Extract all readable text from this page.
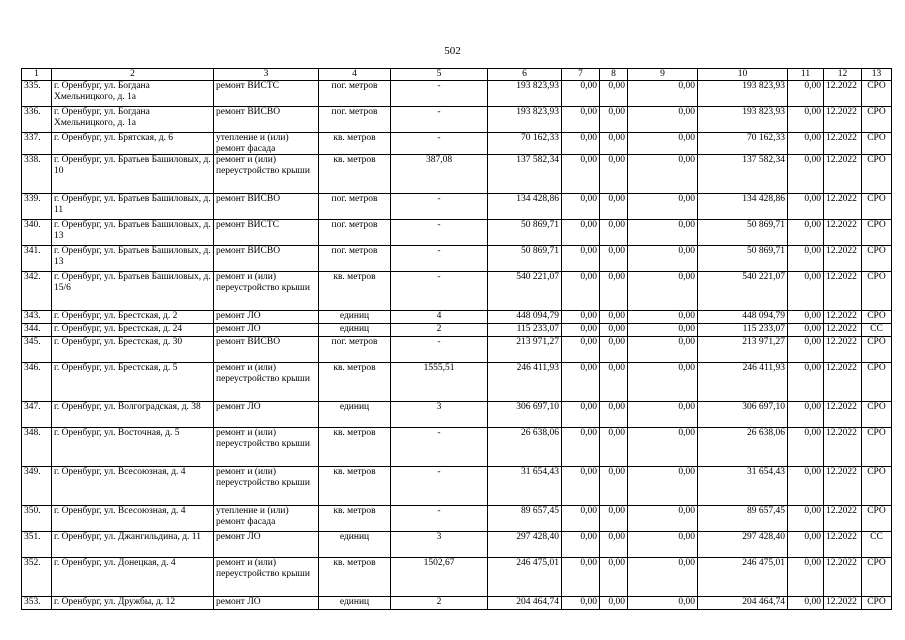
502
1	2	3	4	5	6	7	8	9	10	11	12	13
335.	г. Оренбург, ул. Богдана Хмельницкого, д. 1а	ремонт ВИСТС	пог. метров	-	193 823,93	0,00	0,00	0,00	193 823,93	0,00	12.2022	СРО
336.	г. Оренбург, ул. Богдана Хмельницкого, д. 1а	ремонт ВИСВО	пог. метров	-	193 823,93	0,00	0,00	0,00	193 823,93	0,00	12.2022	СРО
337.	г. Оренбург, ул. Брятская, д. 6	утепление и (или) ремонт фасада	кв. метров	-	70 162,33	0,00	0,00	0,00	70 162,33	0,00	12.2022	СРО
338.	г. Оренбург, ул. Братьев Башиловых, д. 10	ремонт и (или) переустройство крыши	кв. метров	387,08	137 582,34	0,00	0,00	0,00	137 582,34	0,00	12.2022	СРО
339.	г. Оренбург, ул. Братьев Башиловых, д. 11	ремонт ВИСВО	пог. метров	-	134 428,86	0,00	0,00	0,00	134 428,86	0,00	12.2022	СРО
340.	г. Оренбург, ул. Братьев Башиловых, д. 13	ремонт ВИСТС	пог. метров	-	50 869,71	0,00	0,00	0,00	50 869,71	0,00	12.2022	СРО
341.	г. Оренбург, ул. Братьев Башиловых, д. 13	ремонт ВИСВО	пог. метров	-	50 869,71	0,00	0,00	0,00	50 869,71	0,00	12.2022	СРО
342.	г. Оренбург, ул. Братьев Башиловых, д. 15/6	ремонт и (или) переустройство крыши	кв. метров	-	540 221,07	0,00	0,00	0,00	540 221,07	0,00	12.2022	СРО
343.	г. Оренбург, ул. Брестская, д. 2	ремонт ЛО	единиц	4	448 094,79	0,00	0,00	0,00	448 094,79	0,00	12.2022	СРО
344.	г. Оренбург, ул. Брестская, д. 24	ремонт ЛО	единиц	2	115 233,07	0,00	0,00	0,00	115 233,07	0,00	12.2022	СС
345.	г. Оренбург, ул. Брестская, д. 30	ремонт ВИСВО	пог. метров	-	213 971,27	0,00	0,00	0,00	213 971,27	0,00	12.2022	СРО
346.	г. Оренбург, ул. Брестская, д. 5	ремонт и (или) переустройство крыши	кв. метров	1555,51	246 411,93	0,00	0,00	0,00	246 411,93	0,00	12.2022	СРО
347.	г. Оренбург, ул. Волгоградская, д. 38	ремонт ЛО	единиц	3	306 697,10	0,00	0,00	0,00	306 697,10	0,00	12.2022	СРО
348.	г. Оренбург, ул. Восточная, д. 5	ремонт и (или) переустройство крыши	кв. метров	-	26 638,06	0,00	0,00	0,00	26 638,06	0,00	12.2022	СРО
349.	г. Оренбург, ул. Всесоюзная, д. 4	ремонт и (или) переустройство крыши	кв. метров	-	31 654,43	0,00	0,00	0,00	31 654,43	0,00	12.2022	СРО
350.	г. Оренбург, ул. Всесоюзная, д. 4	утепление и (или) ремонт фасада	кв. метров	-	89 657,45	0,00	0,00	0,00	89 657,45	0,00	12.2022	СРО
351.	г. Оренбург, ул. Джангильдина, д. 11	ремонт ЛО	единиц	3	297 428,40	0,00	0,00	0,00	297 428,40	0,00	12.2022	СС
352.	г. Оренбург, ул. Донецкая, д. 4	ремонт и (или) переустройство крыши	кв. метров	1502,67	246 475,01	0,00	0,00	0,00	246 475,01	0,00	12.2022	СРО
353.	г. Оренбург, ул. Дружбы, д. 12	ремонт ЛО	единиц	2	204 464,74	0,00	0,00	0,00	204 464,74	0,00	12.2022	СРО
